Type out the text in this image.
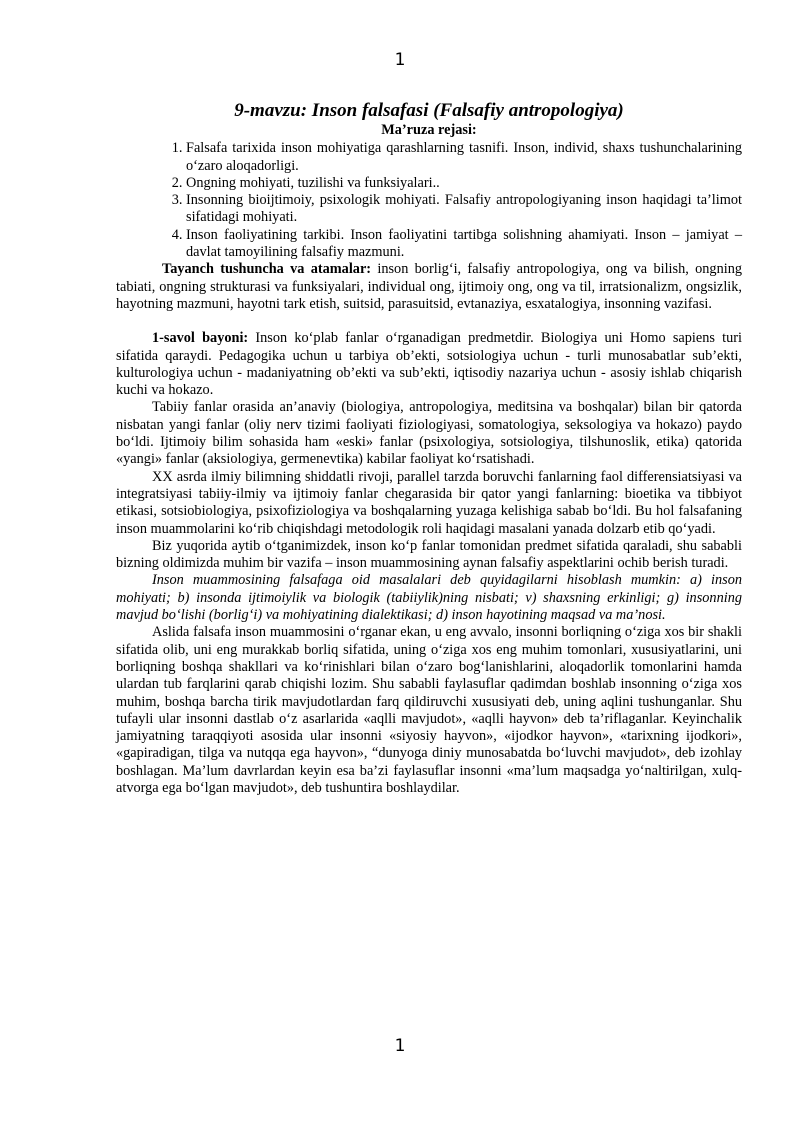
1
9-mavzu: Inson falsafasi (Falsafiy antropologiya)
Ma’ruza rejasi:
1. Falsafa tarixida inson mohiyatiga qarashlarning tasnifi. Inson, individ, shaxs tushunchalarining o‘zaro aloqadorligi.
2. Ongning mohiyati, tuzilishi va funksiyalari..
3. Insonning bioijtimoiy, psixologik mohiyati. Falsafiy antropologiyaning inson haqidagi ta’limot sifatidagi mohiyati.
4. Inson faoliyatining tarkibi. Inson faoliyatini tartibga solishning ahamiyati. Inson – jamiyat – davlat tamoyilining falsafiy mazmuni.

Tayanch tushuncha va atamalar: inson borlig‘i, falsafiy antropologiya, ong va bilish, ongning tabiati, ongning strukturasi va funksiyalari, individual ong, ijtimoiy ong, ong va til, irratsionalizm, ongsizlik, hayotning mazmuni, hayotni tark etish, suitsid, parasuitsid, evtanaziya, esxatalogiya, insonning vazifasi.

1-savol bayoni: Inson ko‘plab fanlar o‘rganadigan predmetdir. Biologiya uni Homo sapiens turi sifatida qaraydi. Pedagogika uchun u tarbiya ob’ekti, sotsiologiya uchun - turli munosabatlar sub’ekti, kulturologiya uchun - madaniyatning ob’ekti va sub’ekti, iqtisodiy nazariya uchun - asosiy ishlab chiqarish kuchi va hokazo.

Tabiiy fanlar orasida an’anaviy (biologiya, antropologiya, meditsina va boshqalar) bilan bir qatorda nisbatan yangi fanlar (oliy nerv tizimi faoliyati fiziologiyasi, somatologiya, seksologiya va hokazo) paydo bo‘ldi. Ijtimoiy bilim sohasida ham «eski» fanlar (psixologiya, sotsiologiya, tilshunoslik, etika) qatorida «yangi» fanlar (aksiologiya, germenevtika) kabilar faoliyat ko‘rsatishadi.

XX asrda ilmiy bilimning shiddatli rivoji, parallel tarzda boruvchi fanlarning faol differensiatsiyasi va integratsiyasi tabiiy-ilmiy va ijtimoiy fanlar chegarasida bir qator yangi fanlarning: bioetika va tibbiyot etikasi, sotsiobiologiya, psixofiziologiya va boshqalarning yuzaga kelishiga sabab bo‘ldi. Bu hol falsafaning inson muammolarini ko‘rib chiqishdagi metodologik roli haqidagi masalani yanada dolzarb etib qo‘yadi.

Biz yuqorida aytib o‘tganimizdek, inson ko‘p fanlar tomonidan predmet sifatida qaraladi, shu sababli bizning oldimizda muhim bir vazifa – inson muammosining aynan falsafiy aspektlarini ochib berish turadi.

Inson muammosining falsafaga oid masalalari deb quyidagilarni hisoblash mumkin: a) inson mohiyati; b) insonda ijtimoiylik va biologik (tabiiylik)ning nisbati; v) shaxsning erkinligi; g) insonning mavjud bo‘lishi (borlig‘i) va mohiyatining dialektikasi; d) inson hayotining maqsad va ma’nosi.

Aslida falsafa inson muammosini o‘rganar ekan, u eng avvalo, insonni borliqning o‘ziga xos bir shakli sifatida olib, uni eng murakkab borliq sifatida, uning o‘ziga xos eng muhim tomonlari, xususiyatlarini, uni borliqning boshqa shakllari va ko‘rinishlari bilan o‘zaro bog‘lanishlarini, aloqadorlik tomonlarini hamda ulardan tub farqlarini qarab chiqishi lozim. Shu sababli faylasuflar qadimdan boshlab insonning o‘ziga xos muhim, boshqa barcha tirik mavjudotlardan farq qildiruvchi xususiyati deb, uning aqlini tushunganlar. Shu tufayli ular insonni dastlab o‘z asarlarida «aqlli mavjudot», «aqlli hayvon» deb ta’riflaganlar. Keyinchalik jamiyatning taraqqiyoti asosida ular insonni «siyosiy hayvon», «ijodkor hayvon», «tarixning ijodkori», «gapiradigan, tilga va nutqqa ega hayvon», “dunyoga diniy munosabatda bo‘luvchi mavjudot», deb izohlay boshlagan. Ma’lum davrlardan keyin esa ba’zi faylasuflar insonni «ma’lum maqsadga yo‘naltirilgan, xulq-atvorga ega bo‘lgan mavjudot», deb tushuntira boshlaydilar.

1
